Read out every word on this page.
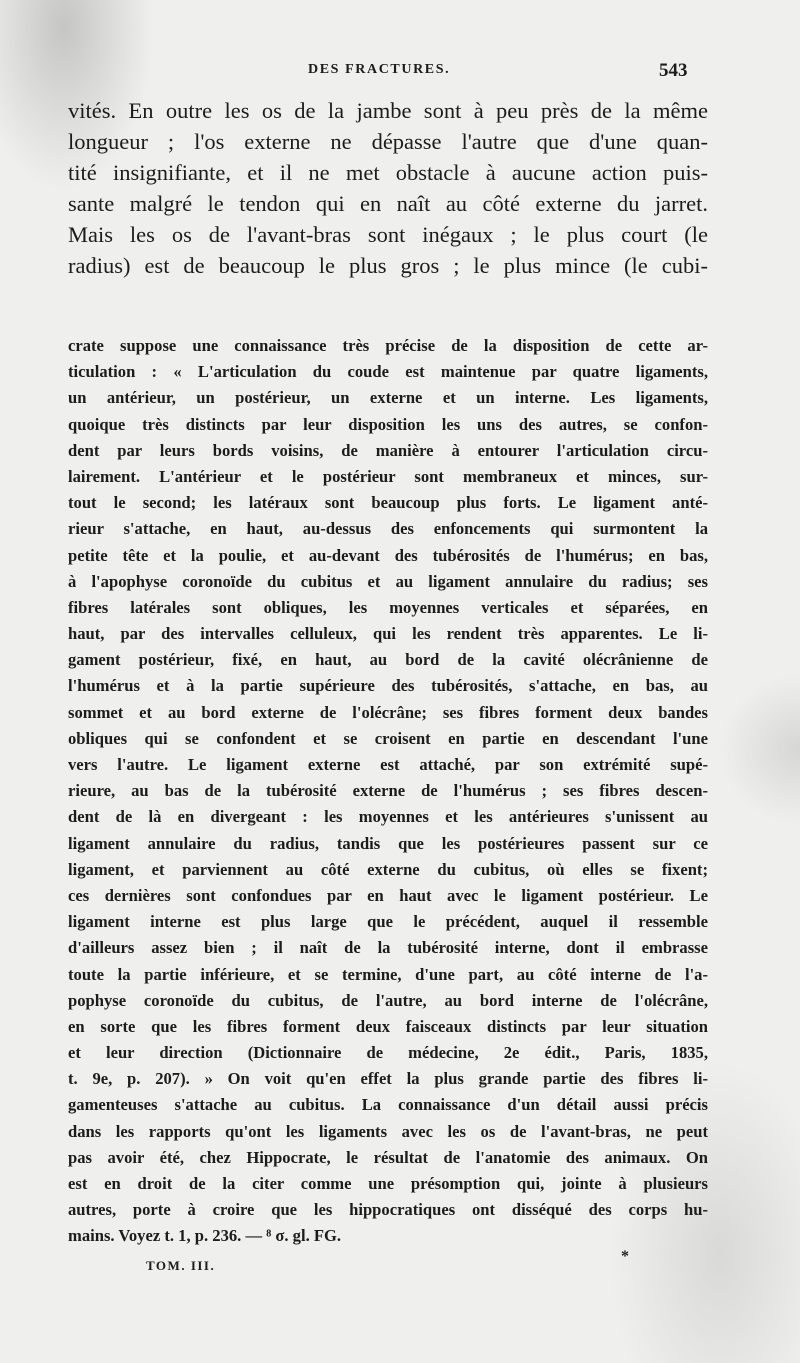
DES FRACTURES.	543
vités. En outre les os de la jambe sont à peu près de la même
longueur ; l'os externe ne dépasse l'autre que d'une quan-
tité insignifiante, et il ne met obstacle à aucune action puis-
sante malgré le tendon qui en naît au côté externe du jarret.
Mais les os de l'avant-bras sont inégaux ; le plus court (le
radius) est de beaucoup le plus gros ; le plus mince (le cubi-
crate suppose une connaissance très précise de la disposition de cette ar-
ticulation : « L'articulation du coude est maintenue par quatre ligaments,
un antérieur, un postérieur, un externe et un interne. Les ligaments,
quoique très distincts par leur disposition les uns des autres, se confon-
dent par leurs bords voisins, de manière à entourer l'articulation circu-
lairement. L'antérieur et le postérieur sont membraneux et minces, sur-
tout le second; les latéraux sont beaucoup plus forts. Le ligament anté-
rieur s'attache, en haut, au-dessus des enfoncements qui surmontent la
petite tête et la poulie, et au-devant des tubérosités de l'humérus; en bas,
à l'apophyse coronoïde du cubitus et au ligament annulaire du radius; ses
fibres latérales sont obliques, les moyennes verticales et séparées, en
haut, par des intervalles celluleux, qui les rendent très apparentes. Le li-
gament postérieur, fixé, en haut, au bord de la cavité olécrânienne de
l'humérus et à la partie supérieure des tubérosités, s'attache, en bas, au
sommet et au bord externe de l'olécrâne; ses fibres forment deux bandes
obliques qui se confondent et se croisent en partie en descendant l'une
vers l'autre. Le ligament externe est attaché, par son extrémité supé-
rieure, au bas de la tubérosité externe de l'humérus ; ses fibres descen-
dent de là en divergeant : les moyennes et les antérieures s'unissent au
ligament annulaire du radius, tandis que les postérieures passent sur ce
ligament, et parviennent au côté externe du cubitus, où elles se fixent;
ces dernières sont confondues par en haut avec le ligament postérieur. Le
ligament interne est plus large que le précédent, auquel il ressemble
d'ailleurs assez bien ; il naît de la tubérosité interne, dont il embrasse
toute la partie inférieure, et se termine, d'une part, au côté interne de l'a-
pophyse coronoïde du cubitus, de l'autre, au bord interne de l'olécrâne,
en sorte que les fibres forment deux faisceaux distincts par leur situation
et leur direction (Dictionnaire de médecine, 2e édit., Paris, 1835,
t. 9e, p. 207). » On voit qu'en effet la plus grande partie des fibres li-
gamenteuses s'attache au cubitus. La connaissance d'un détail aussi précis
dans les rapports qu'ont les ligaments avec les os de l'avant-bras, ne peut
pas avoir été, chez Hippocrate, le résultat de l'anatomie des animaux. On
est en droit de la citer comme une présomption qui, jointe à plusieurs
autres, porte à croire que les hippocratiques ont disséqué des corps hu-
mains. Voyez t. 1, p. 236. — ⁸ σ. gl. FG.
TOM. III.
*
